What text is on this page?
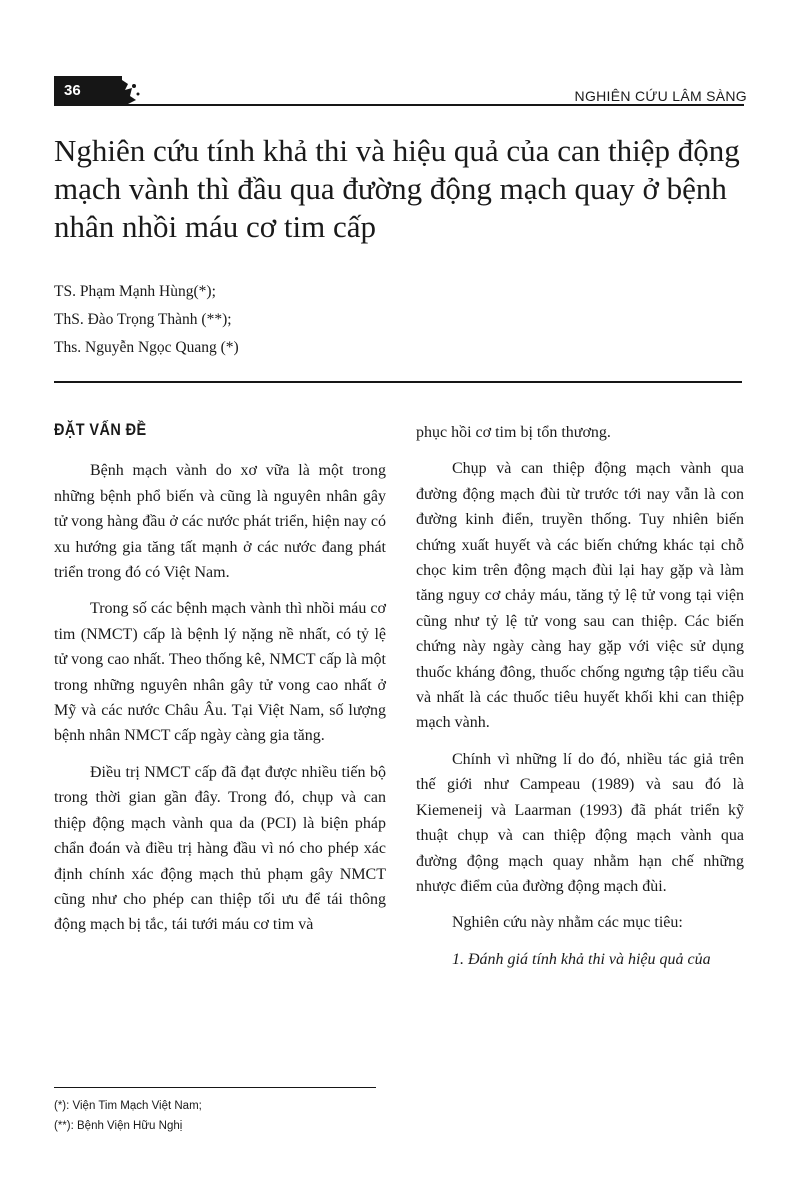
36	NGHIÊN CỨU LÂM SÀNG
Nghiên cứu tính khả thi và hiệu quả của can thiệp động mạch vành thì đầu qua đường động mạch quay ở bệnh nhân nhồi máu cơ tim cấp
TS. Phạm Mạnh Hùng(*);
ThS. Đào Trọng Thành (**);
Ths. Nguyễn Ngọc Quang (*)
ĐẶT VẤN ĐỀ

Bệnh mạch vành do xơ vữa là một trong những bệnh phổ biến và cũng là nguyên nhân gây tử vong hàng đầu ở các nước phát triển, hiện nay có xu hướng gia tăng tất mạnh ở các nước đang phát triển trong đó có Việt Nam.

Trong số các bệnh mạch vành thì nhồi máu cơ tim (NMCT) cấp là bệnh lý nặng nề nhất, có tỷ lệ tử vong cao nhất. Theo thống kê, NMCT cấp là một trong những nguyên nhân gây tử vong cao nhất ở Mỹ và các nước Châu Âu. Tại Việt Nam, số lượng bệnh nhân NMCT cấp ngày càng gia tăng.

Điều trị NMCT cấp đã đạt được nhiều tiến bộ trong thời gian gần đây. Trong đó, chụp và can thiệp động mạch vành qua da (PCI) là biện pháp chẩn đoán và điều trị hàng đầu vì nó cho phép xác định chính xác động mạch thủ phạm gây NMCT cũng như cho phép can thiệp tối ưu để tái thông động mạch bị tắc, tái tưới máu cơ tim và

phục hồi cơ tim bị tổn thương.

Chụp và can thiệp động mạch vành qua đường động mạch đùi từ trước tới nay vẫn là con đường kinh điển, truyền thống. Tuy nhiên biến chứng xuất huyết và các biến chứng khác tại chỗ chọc kim trên động mạch đùi lại hay gặp và làm tăng nguy cơ chảy máu, tăng tỷ lệ tử vong tại viện cũng như tỷ lệ tử vong sau can thiệp. Các biến chứng này ngày càng hay gặp với việc sử dụng thuốc kháng đông, thuốc chống ngưng tập tiểu cầu và nhất là các thuốc tiêu huyết khối khi can thiệp mạch vành.

Chính vì những lí do đó, nhiều tác giả trên thế giới như Campeau (1989) và sau đó là Kiemeneij và Laarman (1993) đã phát triển kỹ thuật chụp và can thiệp động mạch vành qua đường động mạch quay nhằm hạn chế những nhược điểm của đường động mạch đùi.

Nghiên cứu này nhằm các mục tiêu:

1. Đánh giá tính khả thi và hiệu quả của
(*): Viện Tim Mạch Việt Nam;
(**): Bệnh Viện Hữu Nghị
